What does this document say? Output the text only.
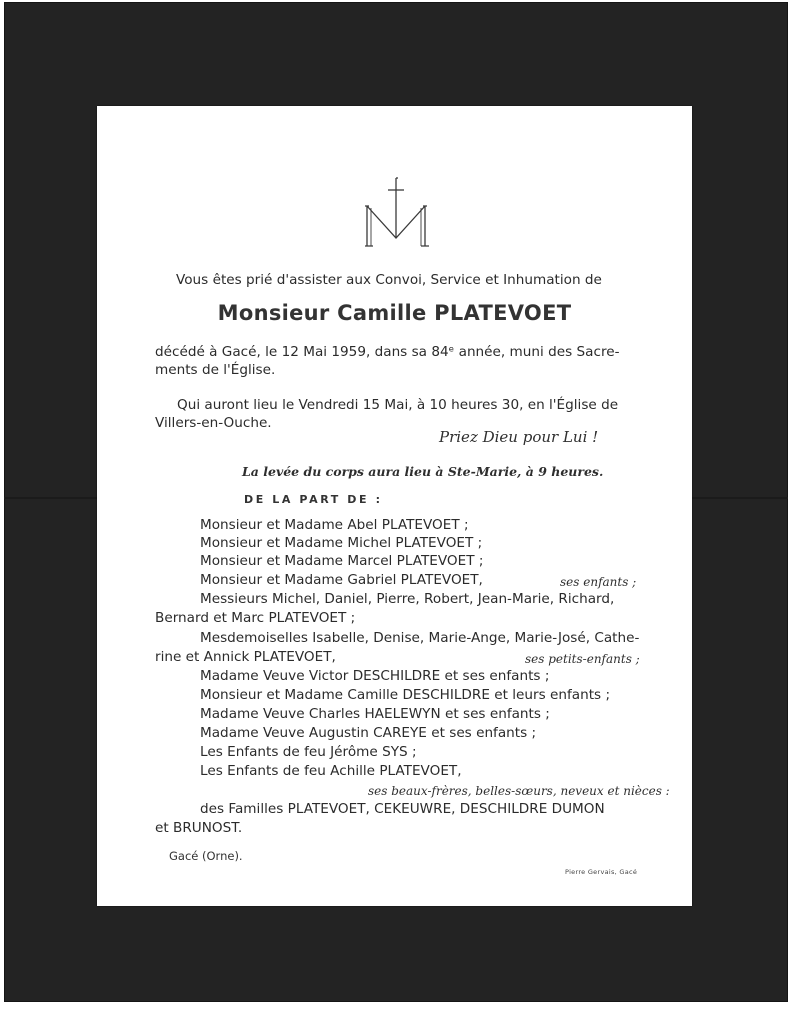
Vous êtes prié d'assister aux Convoi, Service et Inhumation de
Monsieur Camille PLATEVOET
décédé à Gacé, le 12 Mai 1959, dans sa 84ᵉ année, muni des Sacre-
ments de l'Église.
Qui auront lieu le Vendredi 15 Mai, à 10 heures 30, en l'Église de
Villers-en-Ouche.
Priez Dieu pour Lui !
La levée du corps aura lieu à Ste-Marie, à 9 heures.
DE LA PART DE :
Monsieur et Madame Abel PLATEVOET ;
Monsieur et Madame Michel PLATEVOET ;
Monsieur et Madame Marcel PLATEVOET ;
Monsieur et Madame Gabriel PLATEVOET,	ses enfants ;
Messieurs Michel, Daniel, Pierre, Robert, Jean-Marie, Richard,
Bernard et Marc PLATEVOET ;
Mesdemoiselles Isabelle, Denise, Marie-Ange, Marie-José, Cathe-
rine et Annick PLATEVOET,	ses petits-enfants ;
Madame Veuve Victor DESCHILDRE et ses enfants ;
Monsieur et Madame Camille DESCHILDRE et leurs enfants ;
Madame Veuve Charles HAELEWYN et ses enfants ;
Madame Veuve Augustin CAREYE et ses enfants ;
Les Enfants de feu Jérôme SYS ;
Les Enfants de feu Achille PLATEVOET,
ses beaux-frères, belles-sœurs, neveux et nièces :
des Familles PLATEVOET, CEKEUWRE, DESCHILDRE DUMON
et BRUNOST.
Gacé (Orne).
Pierre Gervais, Gacé
